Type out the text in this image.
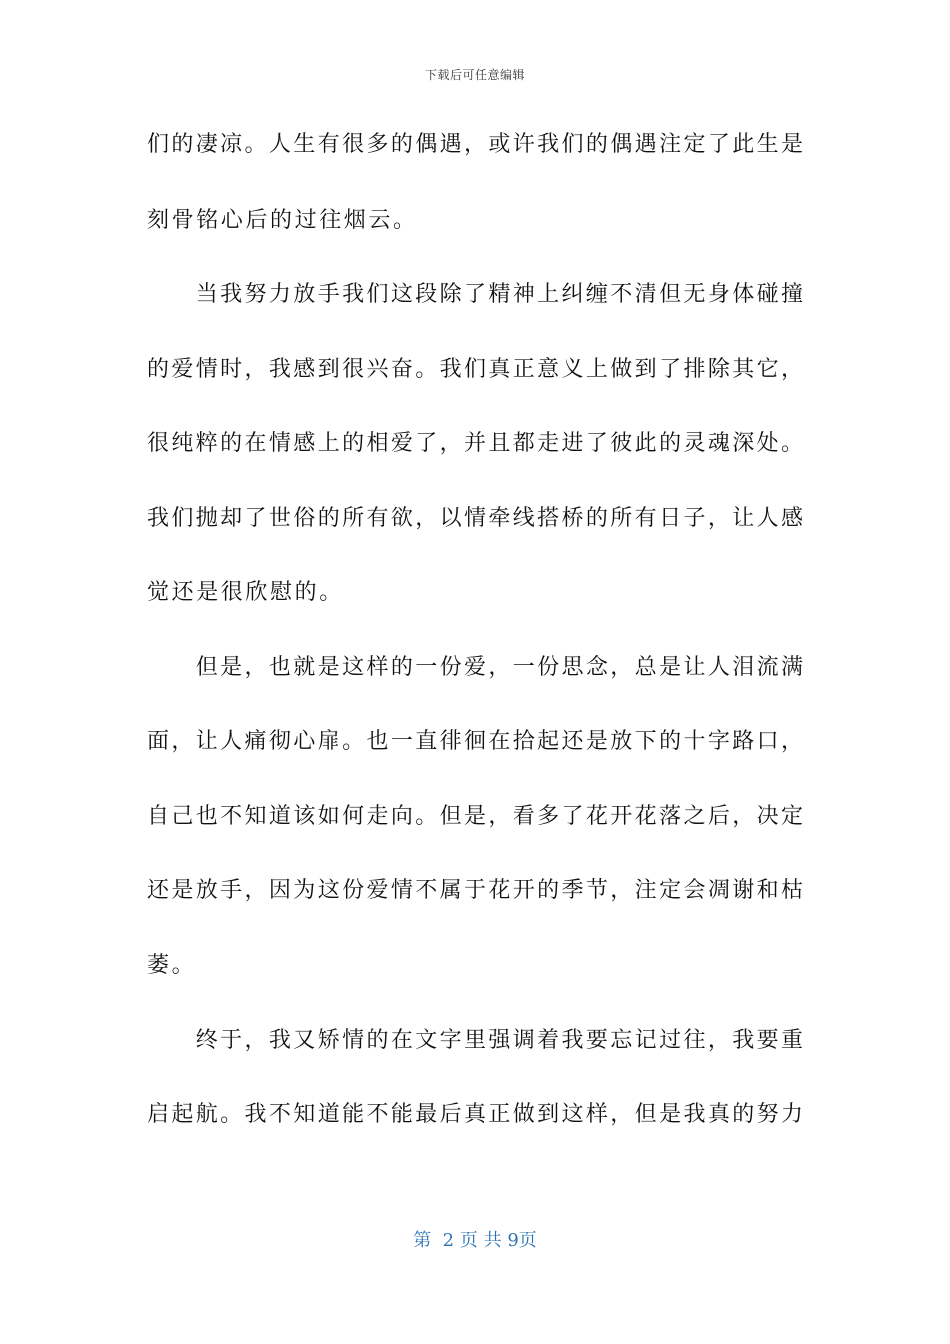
下载后可任意编辑
们的凄凉。人生有很多的偶遇，或许我们的偶遇注定了此生是
刻骨铭心后的过往烟云。
　　当我努力放手我们这段除了精神上纠缠不清但无身体碰撞
的爱情时，我感到很兴奋。我们真正意义上做到了排除其它，
很纯粹的在情感上的相爱了，并且都走进了彼此的灵魂深处。
我们抛却了世俗的所有欲，以情牵线搭桥的所有日子，让人感
觉还是很欣慰的。
　　但是，也就是这样的一份爱，一份思念，总是让人泪流满
面，让人痛彻心扉。也一直徘徊在拾起还是放下的十字路口，
自己也不知道该如何走向。但是，看多了花开花落之后，决定
还是放手，因为这份爱情不属于花开的季节，注定会凋谢和枯
萎。
　　终于，我又矫情的在文字里强调着我要忘记过往，我要重
启起航。我不知道能不能最后真正做到这样，但是我真的努力
第 2 页 共 9页
